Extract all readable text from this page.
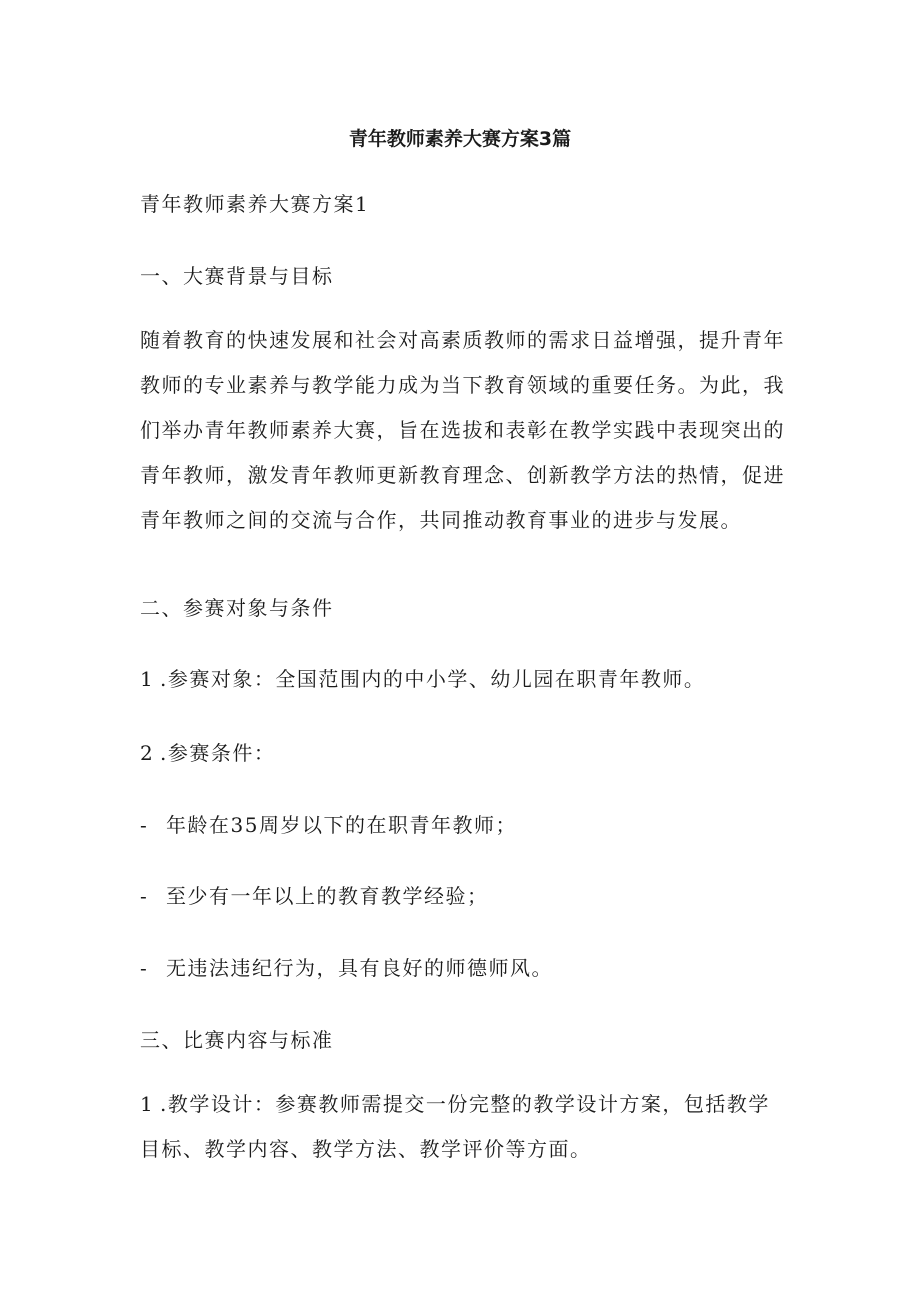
青年教师素养大赛方案3篇
青年教师素养大赛方案1
一、大赛背景与目标

随着教育的快速发展和社会对高素质教师的需求日益增强，提升青年

教师的专业素养与教学能力成为当下教育领域的重要任务。为此，我

们举办青年教师素养大赛，旨在选拔和表彰在教学实践中表现突出的

青年教师，激发青年教师更新教育理念、创新教学方法的热情，促进

青年教师之间的交流与合作，共同推动教育事业的进步与发展。

二、参赛对象与条件
1 .参赛对象：全国范围内的中小学、幼儿园在职青年教师。
2 .参赛条件：
- 年龄在35周岁以下的在职青年教师；
- 至少有一年以上的教育教学经验；
- 无违法违纪行为，具有良好的师德师风。
三、比赛内容与标准

1 .教学设计：参赛教师需提交一份完整的教学设计方案，包括教学

目标、教学内容、教学方法、教学评价等方面。
